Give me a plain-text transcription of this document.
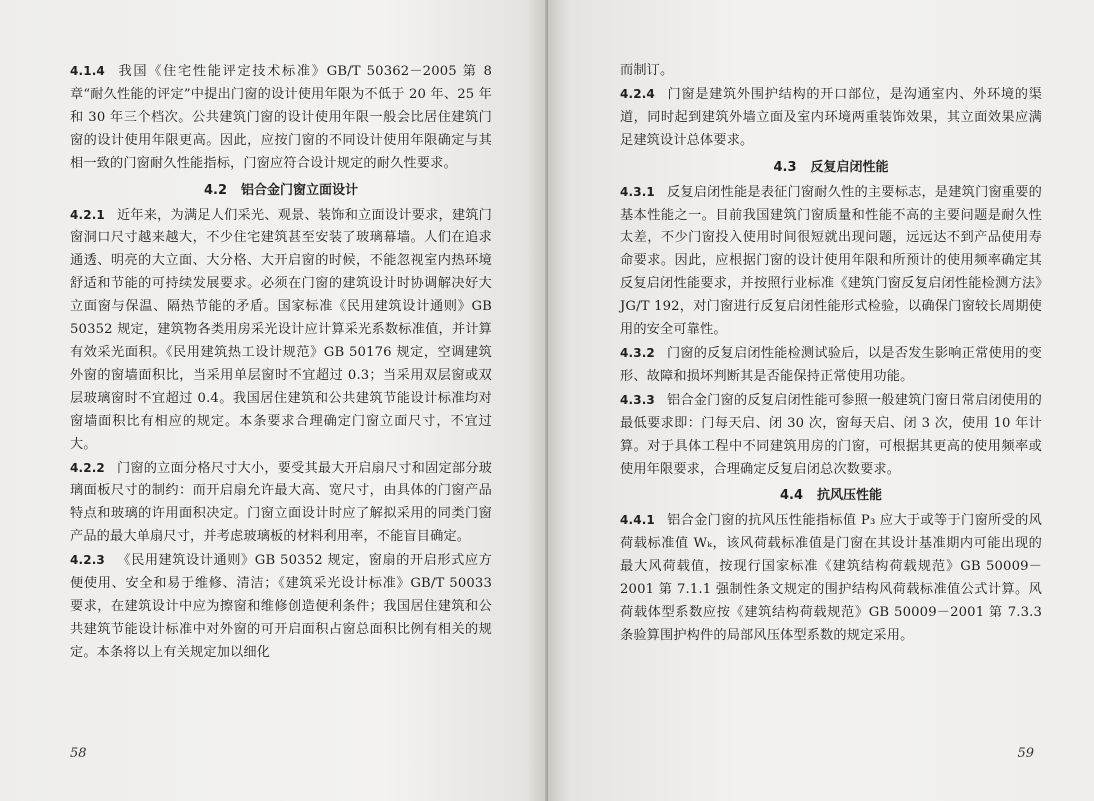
4.1.4 我国《住宅性能评定技术标准》GB/T 50362－2005 第 8 章“耐久性能的评定”中提出门窗的设计使用年限为不低于 20 年、25 年和 30 年三个档次。公共建筑门窗的设计使用年限一般会比居住建筑门窗的设计使用年限更高。因此，应按门窗的不同设计使用年限确定与其相一致的门窗耐久性能指标，门窗应符合设计规定的耐久性要求。

4.2 铝合金门窗立面设计

4.2.1 近年来，为满足人们采光、观景、装饰和立面设计要求，建筑门窗洞口尺寸越来越大，不少住宅建筑甚至安装了玻璃幕墙。人们在追求通透、明亮的大立面、大分格、大开启窗的时候，不能忽视室内热环境舒适和节能的可持续发展要求。必须在门窗的建筑设计时协调解决好大立面窗与保温、隔热节能的矛盾。国家标准《民用建筑设计通则》GB 50352 规定，建筑物各类用房采光设计应计算采光系数标准值，并计算有效采光面积。《民用建筑热工设计规范》GB 50176 规定，空调建筑外窗的窗墙面积比，当采用单层窗时不宜超过 0.3；当采用双层窗或双层玻璃窗时不宜超过 0.4。我国居住建筑和公共建筑节能设计标准均对窗墙面积比有相应的规定。本条要求合理确定门窗立面尺寸，不宜过大。

4.2.2 门窗的立面分格尺寸大小，要受其最大开启扇尺寸和固定部分玻璃面板尺寸的制约：而开启扇允许最大高、宽尺寸，由具体的门窗产品特点和玻璃的许用面积决定。门窗立面设计时应了解拟采用的同类门窗产品的最大单扇尺寸，并考虑玻璃板的材料利用率，不能盲目确定。

4.2.3 《民用建筑设计通则》GB 50352 规定，窗扇的开启形式应方便使用、安全和易于维修、清洁；《建筑采光设计标准》GB/T 50033 要求，在建筑设计中应为擦窗和维修创造便利条件；我国居住建筑和公共建筑节能设计标准中对外窗的可开启面积占窗总面积比例有相关的规定。本条将以上有关规定加以细化

58

而制订。

4.2.4 门窗是建筑外围护结构的开口部位，是沟通室内、外环境的渠道，同时起到建筑外墙立面及室内环境两重装饰效果，其立面效果应满足建筑设计总体要求。

4.3 反复启闭性能

4.3.1 反复启闭性能是表征门窗耐久性的主要标志，是建筑门窗重要的基本性能之一。目前我国建筑门窗质量和性能不高的主要问题是耐久性太差，不少门窗投入使用时间很短就出现问题，远远达不到产品使用寿命要求。因此，应根据门窗的设计使用年限和所预计的使用频率确定其反复启闭性能要求，并按照行业标准《建筑门窗反复启闭性能检测方法》JG/T 192，对门窗进行反复启闭性能形式检验，以确保门窗较长周期使用的安全可靠性。

4.3.2 门窗的反复启闭性能检测试验后，以是否发生影响正常使用的变形、故障和损坏判断其是否能保持正常使用功能。

4.3.3 铝合金门窗的反复启闭性能可参照一般建筑门窗日常启闭使用的最低要求即：门每天启、闭 30 次，窗每天启、闭 3 次，使用 10 年计算。对于具体工程中不同建筑用房的门窗，可根据其更高的使用频率或使用年限要求，合理确定反复启闭总次数要求。

4.4 抗风压性能

4.4.1 铝合金门窗的抗风压性能指标值 P₃ 应大于或等于门窗所受的风荷载标准值 Wₖ，该风荷载标准值是门窗在其设计基准期内可能出现的最大风荷载值，按现行国家标准《建筑结构荷载规范》GB 50009－2001 第 7.1.1 强制性条文规定的围护结构风荷载标准值公式计算。风荷载体型系数应按《建筑结构荷载规范》GB 50009－2001 第 7.3.3 条验算围护构件的局部风压体型系数的规定采用。

59
